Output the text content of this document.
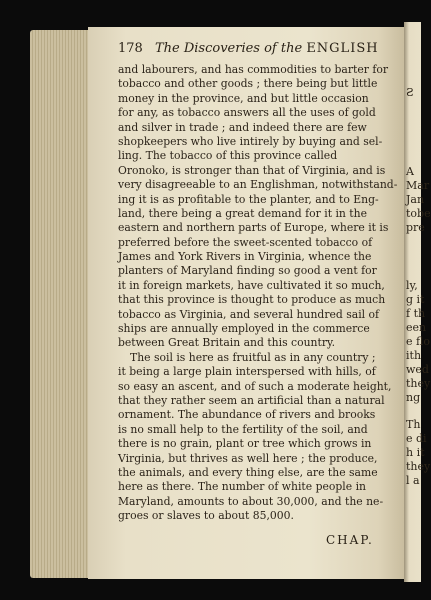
178 The Discoveries of the ENGLISH
and labourers, and has commodities to barter for
tobacco and other goods ; there being but little
money in the province, and but little occasion
for any, as tobacco answers all the uses of gold
and silver in trade ; and indeed there are few
shopkeepers who live intirely by buying and sel-
ling. The tobacco of this province called
Oronoko, is stronger than that of Virginia, and is
very disagreeable to an Englishman, notwithstand-
ing it is as profitable to the planter, and to Eng-
land, there being a great demand for it in the
eastern and northern parts of Europe, where it is
preferred before the sweet-scented tobacco of
James and York Rivers in Virginia, whence the
planters of Maryland finding so good a vent for
it in foreign markets, have cultivated it so much,
that this province is thought to produce as much
tobacco as Virginia, and several hundred sail of
ships are annually employed in the commerce
between Great Britain and this country.
The soil is here as fruitful as in any country ;
it being a large plain interspersed with hills, of
so easy an ascent, and of such a moderate height,
that they rather seem an artificial than a natural
ornament. The abundance of rivers and brooks
is no small help to the fertility of the soil, and
there is no grain, plant or tree which grows in
Virginia, but thrives as well here ; the produce,
the animals, and every thing else, are the same
here as there. The number of white people in
Maryland, amounts to about 30,000, and the ne-
groes or slaves to about 85,000.
CHAP.
Ƨ
A
Mar
Jan
tobe
pre
ly,
g it
f th
een
e flo
ith
wed
they
ng
Th
e di
h it
they
l a
